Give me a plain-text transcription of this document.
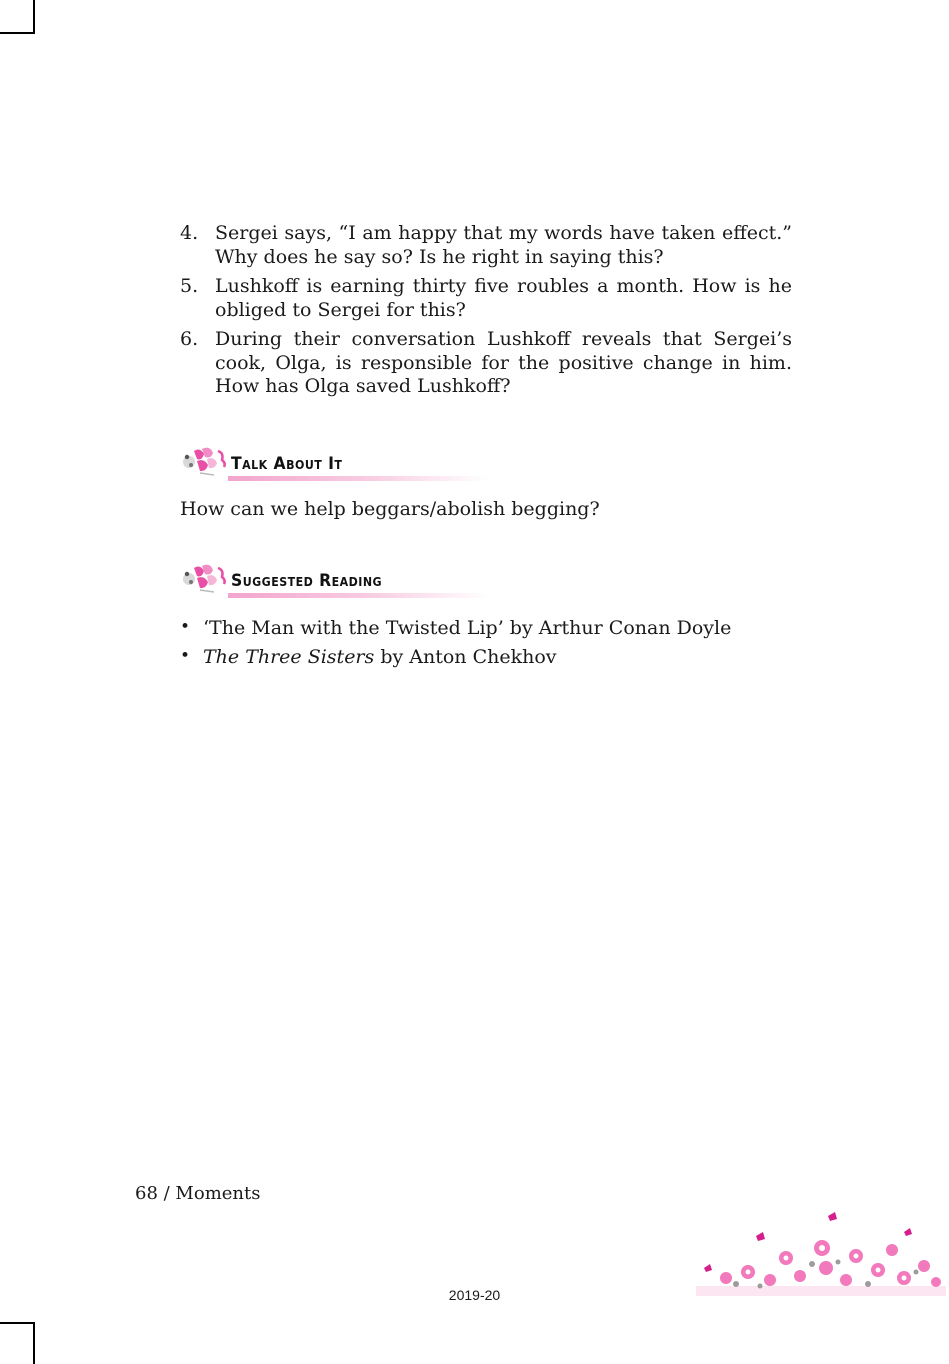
4. Sergei says, “I am happy that my words have taken effect.” Why does he say so? Is he right in saying this?
5. Lushkoff is earning thirty five roubles a month. How is he obliged to Sergei for this?
6. During their conversation Lushkoff reveals that Sergei’s cook, Olga, is responsible for the positive change in him. How has Olga saved Lushkoff?
Talk About It

How can we help beggars/abolish begging?

Suggested Reading
• ‘The Man with the Twisted Lip’ by Arthur Conan Doyle
• The Three Sisters by Anton Chekhov
68 / Moments
2019-20
